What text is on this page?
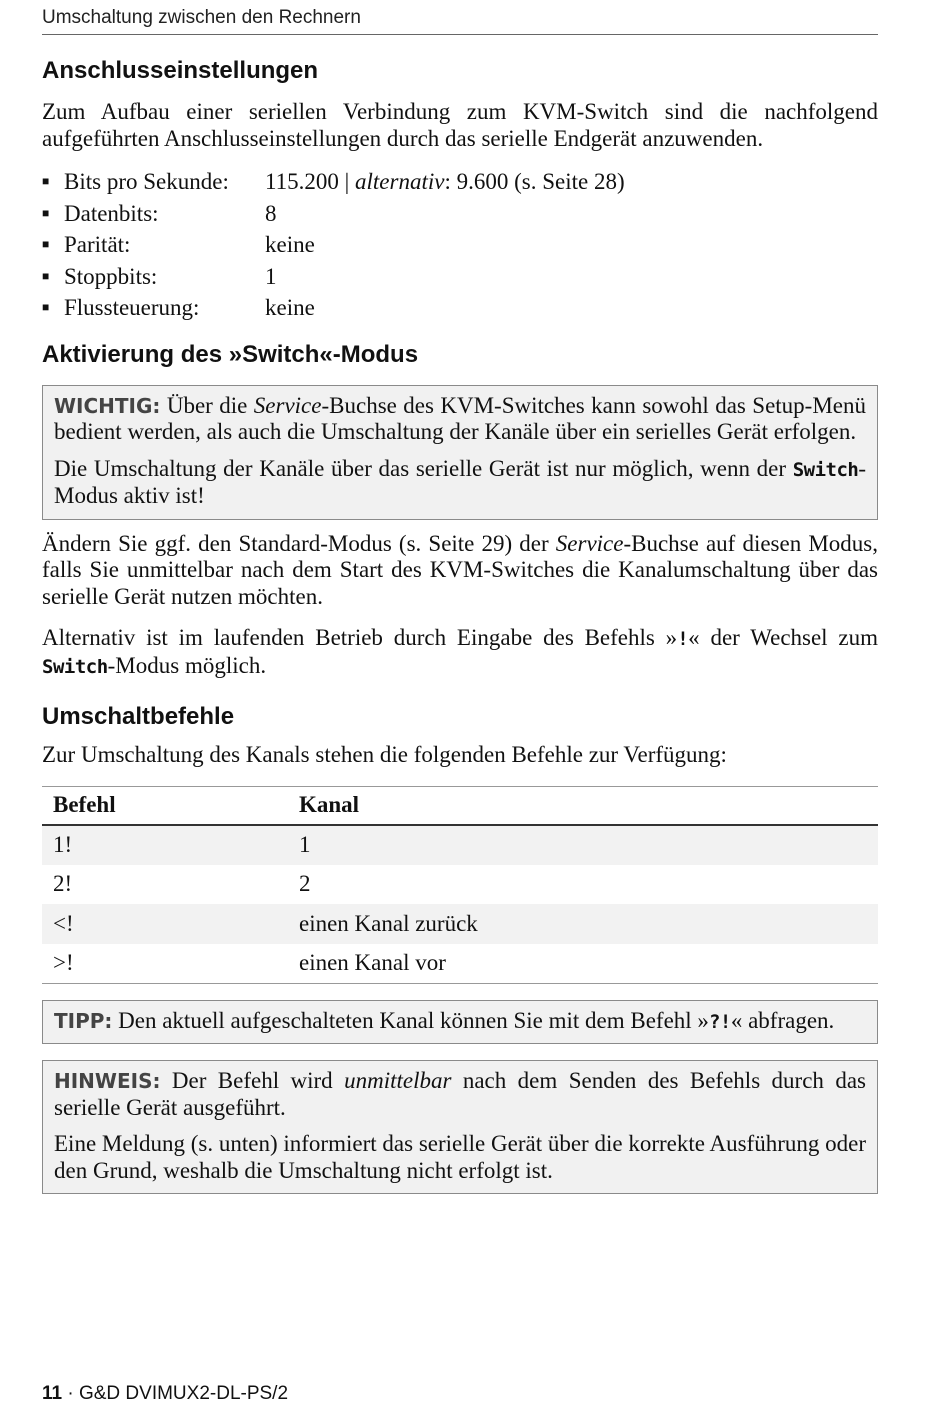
Umschaltung zwischen den Rechnern
Anschlusseinstellungen

Zum Aufbau einer seriellen Verbindung zum KVM-Switch sind die nachfolgend aufgeführten Anschlusseinstellungen durch das serielle Endgerät anzuwenden.

■ Bits pro Sekunde:	115.200 | alternativ: 9.600 (s. Seite 28)
■ Datenbits:	8
■ Parität:	keine
■ Stoppbits:	1
■ Flussteuerung:	keine
Aktivierung des »Switch«-Modus

WICHTIG: Über die Service-Buchse des KVM-Switches kann sowohl das Setup-Menü bedient werden, als auch die Umschaltung der Kanäle über ein serielles Gerät erfolgen.

Die Umschaltung der Kanäle über das serielle Gerät ist nur möglich, wenn der Switch-Modus aktiv ist!

Ändern Sie ggf. den Standard-Modus (s. Seite 29) der Service-Buchse auf diesen Modus, falls Sie unmittelbar nach dem Start des KVM-Switches die Kanalumschaltung über das serielle Gerät nutzen möchten.

Alternativ ist im laufenden Betrieb durch Eingabe des Befehls »!« der Wechsel zum Switch-Modus möglich.

Umschaltbefehle

Zur Umschaltung des Kanals stehen die folgenden Befehle zur Verfügung:

Befehl	Kanal
1!	1
2!	2
<!	einen Kanal zurück
>!	einen Kanal vor

TIPP: Den aktuell aufgeschalteten Kanal können Sie mit dem Befehl »?!« abfragen.

HINWEIS: Der Befehl wird unmittelbar nach dem Senden des Befehls durch das serielle Gerät ausgeführt.

Eine Meldung (s. unten) informiert das serielle Gerät über die korrekte Ausführung oder den Grund, weshalb die Umschaltung nicht erfolgt ist.

11 · G&D DVIMUX2-DL-PS/2
